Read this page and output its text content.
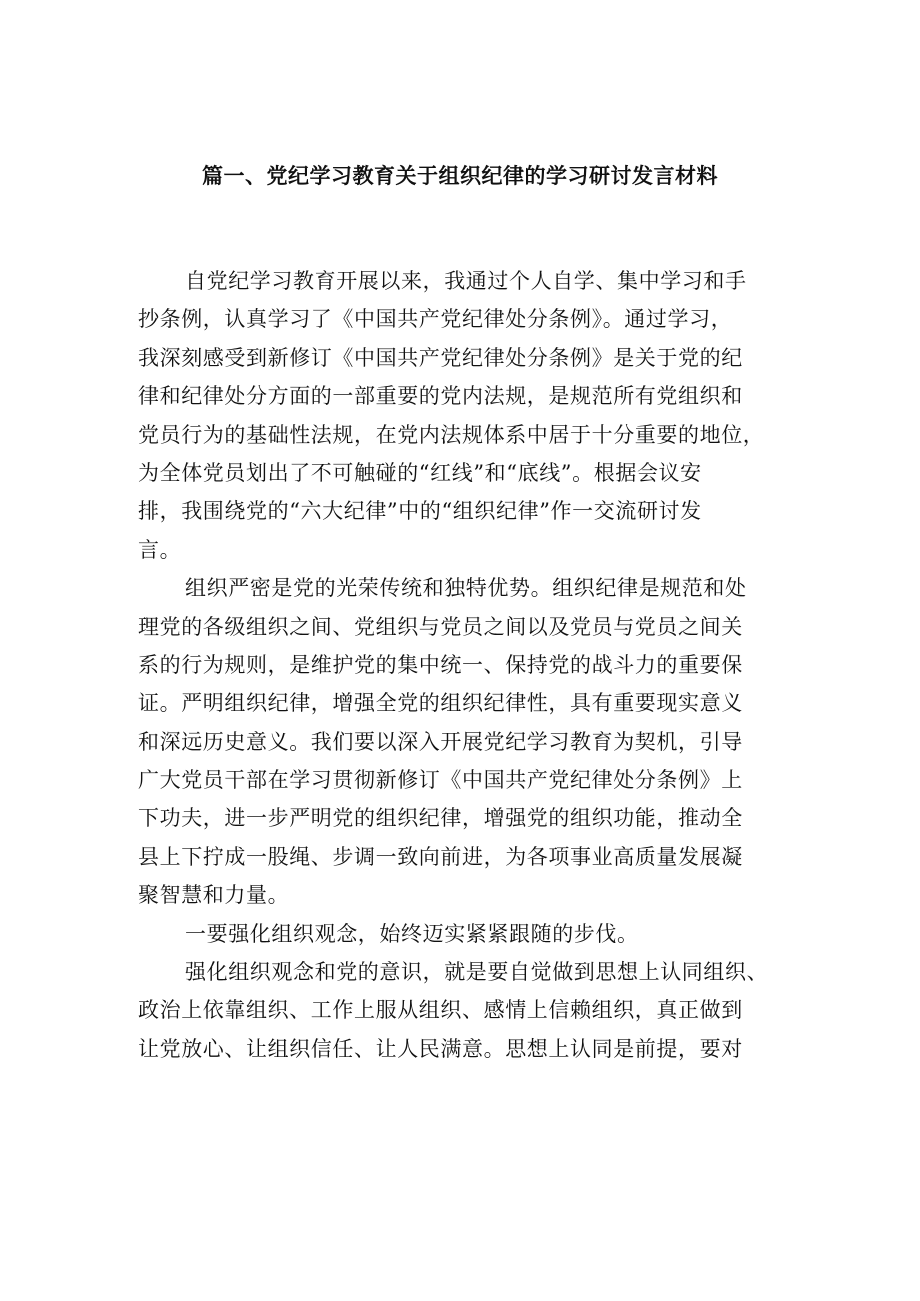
篇一、党纪学习教育关于组织纪律的学习研讨发言材料

自党纪学习教育开展以来，我通过个人自学、集中学习和手
抄条例，认真学习了《中国共产党纪律处分条例》。通过学习，
我深刻感受到新修订《中国共产党纪律处分条例》是关于党的纪
律和纪律处分方面的一部重要的党内法规，是规范所有党组织和
党员行为的基础性法规，在党内法规体系中居于十分重要的地位，
为全体党员划出了不可触碰的“红线”和“底线”。根据会议安
排，我围绕党的“六大纪律”中的“组织纪律”作一交流研讨发
言。

组织严密是党的光荣传统和独特优势。组织纪律是规范和处
理党的各级组织之间、党组织与党员之间以及党员与党员之间关
系的行为规则，是维护党的集中统一、保持党的战斗力的重要保
证。严明组织纪律，增强全党的组织纪律性，具有重要现实意义
和深远历史意义。我们要以深入开展党纪学习教育为契机，引导
广大党员干部在学习贯彻新修订《中国共产党纪律处分条例》上
下功夫，进一步严明党的组织纪律，增强党的组织功能，推动全
县上下拧成一股绳、步调一致向前进，为各项事业高质量发展凝
聚智慧和力量。

一要强化组织观念，始终迈实紧紧跟随的步伐。

强化组织观念和党的意识，就是要自觉做到思想上认同组织、
政治上依靠组织、工作上服从组织、感情上信赖组织，真正做到
让党放心、让组织信任、让人民满意。思想上认同是前提，要对
